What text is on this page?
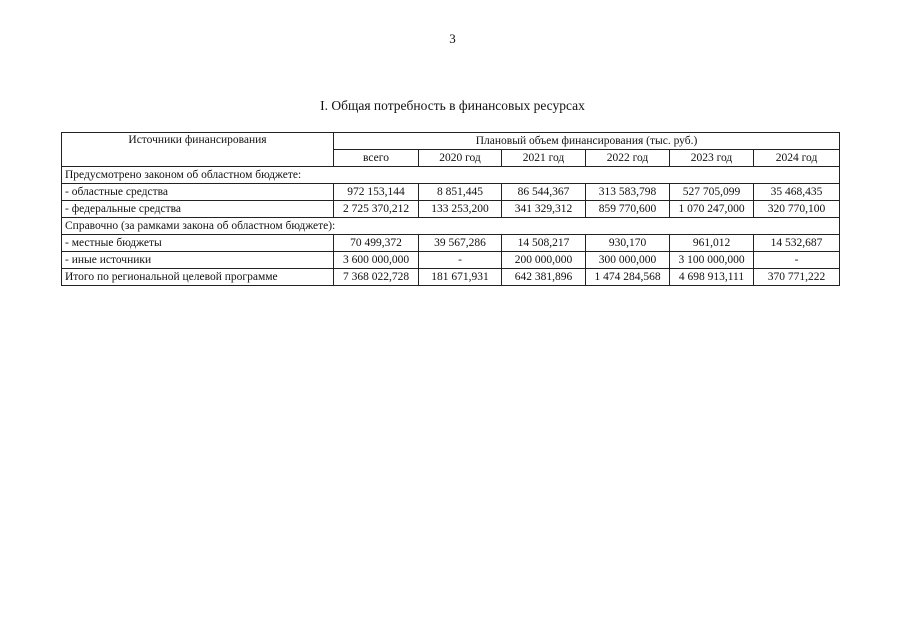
3
I. Общая потребность в финансовых ресурсах
Источники финансирования	Плановый объем финансирования (тыс. руб.)					
	всего	2020 год	2021 год	2022 год	2023 год	2024 год
Предусмотрено законом об областном бюджете:						
- областные средства	972 153,144	8 851,445	86 544,367	313 583,798	527 705,099	35 468,435
- федеральные средства	2 725 370,212	133 253,200	341 329,312	859 770,600	1 070 247,000	320 770,100
Справочно (за рамками закона об областном бюджете):						
- местные бюджеты	70 499,372	39 567,286	14 508,217	930,170	961,012	14 532,687
- иные источники	3 600 000,000	-	200 000,000	300 000,000	3 100 000,000	-
Итого по региональной целевой программе	7 368 022,728	181 671,931	642 381,896	1 474 284,568	4 698 913,111	370 771,222
